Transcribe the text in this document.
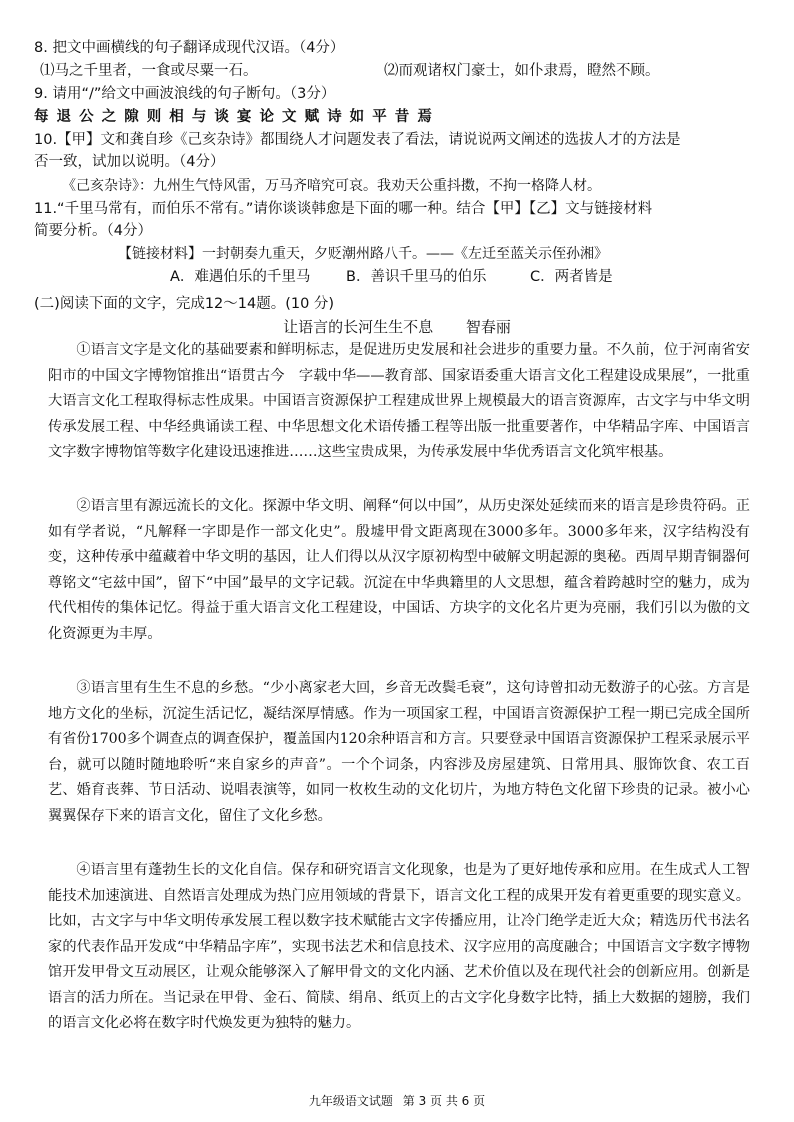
8. 把文中画横线的句子翻译成现代汉语。（4分）
⑴马之千里者，一食或尽粟一石。	⑵而观诸权门豪士，如仆隶焉，瞪然不顾。
9. 请用“/”给文中画波浪线的句子断句。（3分）
每 退 公 之 隙 则 相 与 谈 宴 论 文 赋 诗 如 平 昔 焉
10.【甲】文和龚自珍《己亥杂诗》都围绕人才问题发表了看法，请说说两文阐述的选拔人才的方法是
否一致，试加以说明。（4分）
《己亥杂诗》：九州生气恃风雷，万马齐喑究可哀。我劝天公重抖擞，不拘一格降人材。
11.“千里马常有，而伯乐不常有。”请你谈谈韩愈是下面的哪一种。结合【甲】【乙】文与链接材料
简要分析。（4分）
【链接材料】一封朝奏九重天，夕贬潮州路八千。——《左迁至蓝关示侄孙湘》
A．难遇伯乐的千里马 B．善识千里马的伯乐	C．两者皆是
(二)阅读下面的文字，完成12～14题。(10 分)
让语言的长河生生不息 智春丽

①语言文字是文化的基础要素和鲜明标志，是促进历史发展和社会进步的重要力量。不久前，位于河南省安阳市的中国文字博物馆推出“语贯古今　字载中华——教育部、国家语委重大语言文化工程建设成果展”，一批重大语言文化工程取得标志性成果。中国语言资源保护工程建成世界上规模最大的语言资源库，古文字与中华文明传承发展工程、中华经典诵读工程、中华思想文化术语传播工程等出版一批重要著作，中华精品字库、中国语言文字数字博物馆等数字化建设迅速推进……这些宝贵成果，为传承发展中华优秀语言文化筑牢根基。

②语言里有源远流长的文化。探源中华文明、阐释“何以中国”，从历史深处延续而来的语言是珍贵符码。正如有学者说，“凡解释一字即是作一部文化史”。殷墟甲骨文距离现在3000多年。3000多年来，汉字结构没有变，这种传承中蕴藏着中华文明的基因，让人们得以从汉字原初构型中破解文明起源的奥秘。西周早期青铜器何尊铭文“宅兹中国”，留下“中国”最早的文字记载。沉淀在中华典籍里的人文思想，蕴含着跨越时空的魅力，成为代代相传的集体记忆。得益于重大语言文化工程建设，中国话、方块字的文化名片更为亮丽，我们引以为傲的文化资源更为丰厚。

③语言里有生生不息的乡愁。“少小离家老大回，乡音无改鬓毛衰”，这句诗曾扣动无数游子的心弦。方言是地方文化的坐标，沉淀生活记忆，凝结深厚情感。作为一项国家工程，中国语言资源保护工程一期已完成全国所有省份1700多个调查点的调查保护，覆盖国内120余种语言和方言。只要登录中国语言资源保护工程采录展示平台，就可以随时随地聆听“来自家乡的声音”。一个个词条，内容涉及房屋建筑、日常用具、服饰饮食、农工百艺、婚育丧葬、节日活动、说唱表演等，如同一枚枚生动的文化切片，为地方特色文化留下珍贵的记录。被小心翼翼保存下来的语言文化，留住了文化乡愁。

④语言里有蓬勃生长的文化自信。保存和研究语言文化现象，也是为了更好地传承和应用。在生成式人工智能技术加速演进、自然语言处理成为热门应用领域的背景下，语言文化工程的成果开发有着更重要的现实意义。比如，古文字与中华文明传承发展工程以数字技术赋能古文字传播应用，让冷门绝学走近大众；精选历代书法名家的代表作品开发成“中华精品字库”，实现书法艺术和信息技术、汉字应用的高度融合；中国语言文字数字博物馆开发甲骨文互动展区，让观众能够深入了解甲骨文的文化内涵、艺术价值以及在现代社会的创新应用。创新是语言的活力所在。当记录在甲骨、金石、简牍、绢帛、纸页上的古文字化身数字比特，插上大数据的翅膀，我们的语言文化必将在数字时代焕发更为独特的魅力。

九年级语文试题 第 3 页 共 6 页
